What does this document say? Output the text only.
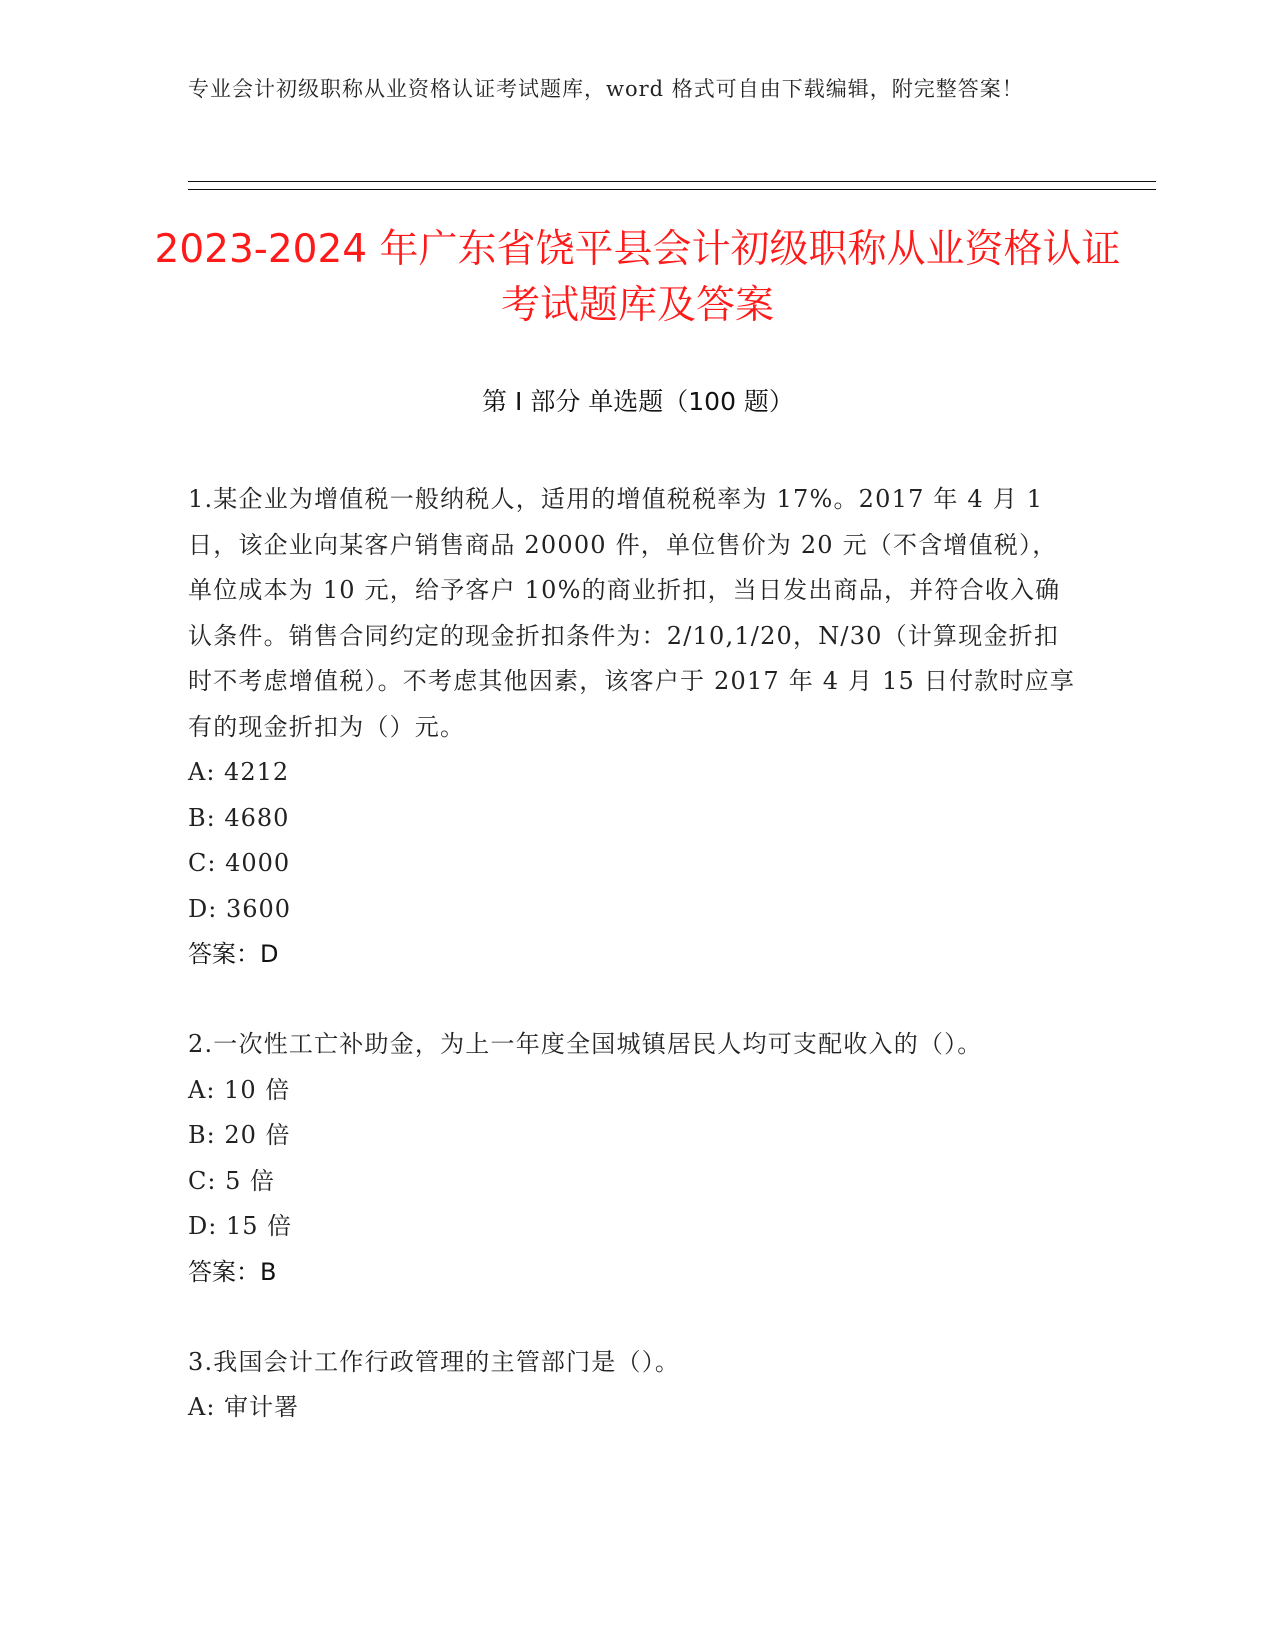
专业会计初级职称从业资格认证考试题库，word 格式可自由下载编辑，附完整答案！
2023-2024 年广东省饶平县会计初级职称从业资格认证考试题库及答案
第 I 部分 单选题（100 题）

1.某企业为增值税一般纳税人，适用的增值税税率为 17%。2017 年 4 月 1 日，该企业向某客户销售商品 20000 件，单位售价为 20 元（不含增值税），单位成本为 10 元，给予客户 10%的商业折扣，当日发出商品，并符合收入确认条件。销售合同约定的现金折扣条件为：2/10,1/20，N/30（计算现金折扣时不考虑增值税）。不考虑其他因素，该客户于 2017 年 4 月 15 日付款时应享有的现金折扣为（）元。

A: 4212

B: 4680

C: 4000

D: 3600

答案：D

2.一次性工亡补助金，为上一年度全国城镇居民人均可支配收入的（）。

A: 10 倍

B: 20 倍

C: 5 倍

D: 15 倍

答案：B

3.我国会计工作行政管理的主管部门是（）。

A: 审计署
